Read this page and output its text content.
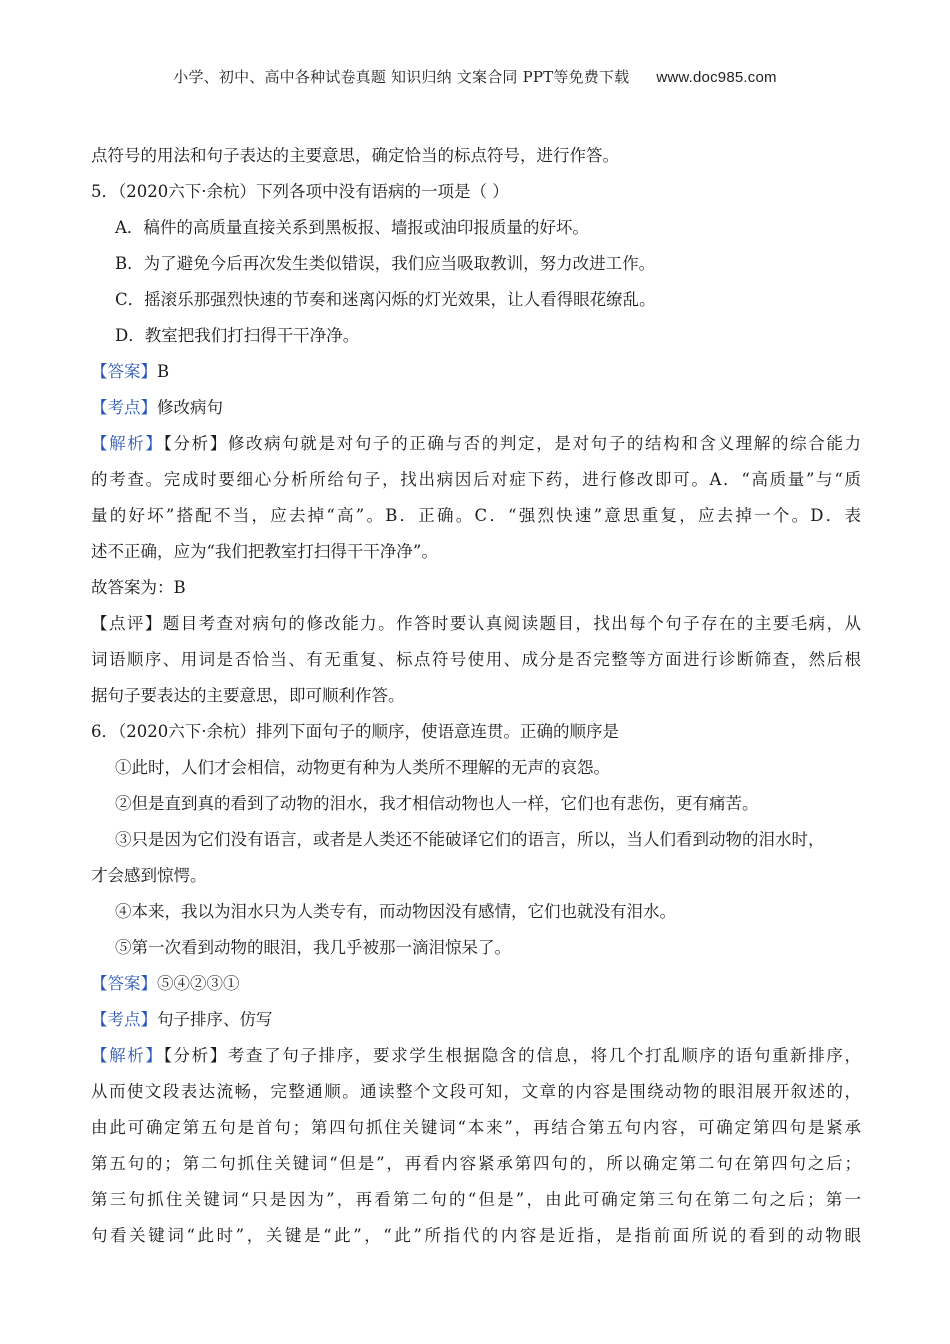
小学、初中、高中各种试卷真题 知识归纳 文案合同 PPT等免费下载 www.doc985.com
点符号的用法和句子表达的主要意思，确定恰当的标点符号，进行作答。
5．（2020六下·余杭）下列各项中没有语病的一项是（ ）
A．稿件的高质量直接关系到黑板报、墙报或油印报质量的好坏。
B．为了避免今后再次发生类似错误，我们应当吸取教训，努力改进工作。
C．摇滚乐那强烈快速的节奏和迷离闪烁的灯光效果，让人看得眼花缭乱。
D．教室把我们打扫得干干净净。
【答案】B
【考点】修改病句
【解析】【分析】修改病句就是对句子的正确与否的判定，是对句子的结构和含义理解的综合能力
的考查。完成时要细心分析所给句子，找出病因后对症下药，进行修改即可。A．“高质量”与“质
量的好坏”搭配不当，应去掉“高”。B．正确。C．“强烈快速”意思重复，应去掉一个。D．表
述不正确，应为“我们把教室打扫得干干净净”。
故答案为：B
【点评】题目考查对病句的修改能力。作答时要认真阅读题目，找出每个句子存在的主要毛病，从
词语顺序、用词是否恰当、有无重复、标点符号使用、成分是否完整等方面进行诊断筛查，然后根
据句子要表达的主要意思，即可顺利作答。
6．（2020六下·余杭）排列下面句子的顺序，使语意连贯。正确的顺序是
①此时，人们才会相信，动物更有种为人类所不理解的无声的哀怨。
②但是直到真的看到了动物的泪水，我才相信动物也人一样，它们也有悲伤，更有痛苦。
③只是因为它们没有语言，或者是人类还不能破译它们的语言，所以，当人们看到动物的泪水时，
才会感到惊愕。
④本来，我以为泪水只为人类专有，而动物因没有感情，它们也就没有泪水。
⑤第一次看到动物的眼泪，我几乎被那一滴泪惊呆了。
【答案】⑤④②③①
【考点】句子排序、仿写
【解析】【分析】考查了句子排序，要求学生根据隐含的信息，将几个打乱顺序的语句重新排序，
从而使文段表达流畅，完整通顺。通读整个文段可知，文章的内容是围绕动物的眼泪展开叙述的，
由此可确定第五句是首句；第四句抓住关键词“本来”，再结合第五句内容，可确定第四句是紧承
第五句的；第二句抓住关键词“但是”，再看内容紧承第四句的，所以确定第二句在第四句之后；
第三句抓住关键词“只是因为”，再看第二句的“但是”，由此可确定第三句在第二句之后；第一
句看关键词“此时”，关键是“此”，“此”所指代的内容是近指，是指前面所说的看到的动物眼
